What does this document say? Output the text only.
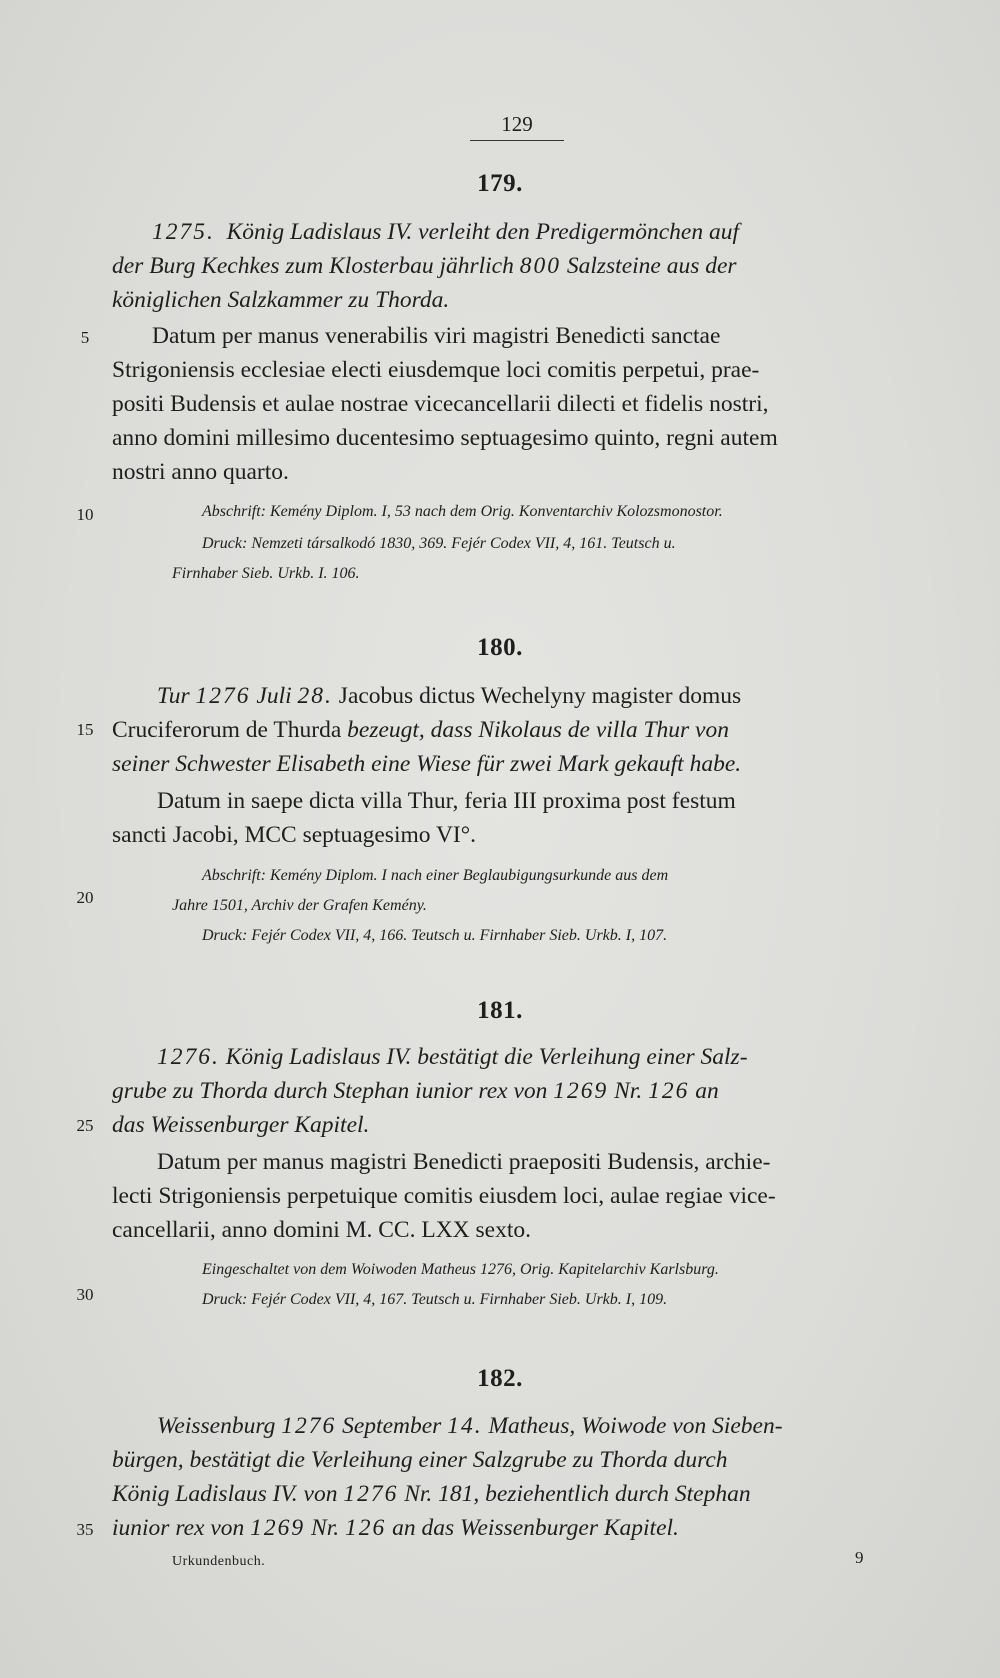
129
5
10
15
20
25
30
35
179.
1275. König Ladislaus IV. verleiht den Predigermönchen auf
der Burg Kechkes zum Klosterbau jährlich 800 Salzsteine aus der
königlichen Salzkammer zu Thorda.
Datum per manus venerabilis viri magistri Benedicti sanctae
Strigoniensis ecclesiae electi eiusdemque loci comitis perpetui, prae-
positi Budensis et aulae nostrae vicecancellarii dilecti et fidelis nostri,
anno domini millesimo ducentesimo septuagesimo quinto, regni autem
nostri anno quarto.
Abschrift: Kemény Diplom. I, 53 nach dem Orig. Konventarchiv Kolozsmonostor.
Druck: Nemzeti társalkodó 1830, 369. Fejér Codex VII, 4, 161. Teutsch u.
Firnhaber Sieb. Urkb. I. 106.
180.
Tur 1276 Juli 28. Jacobus dictus Wechelyny magister domus
Cruciferorum de Thurda bezeugt, dass Nikolaus de villa Thur von
seiner Schwester Elisabeth eine Wiese für zwei Mark gekauft habe.
Datum in saepe dicta villa Thur, feria III proxima post festum
sancti Jacobi, MCC septuagesimo VI°.
Abschrift: Kemény Diplom. I nach einer Beglaubigungsurkunde aus dem
Jahre 1501, Archiv der Grafen Kemény.
Druck: Fejér Codex VII, 4, 166. Teutsch u. Firnhaber Sieb. Urkb. I, 107.
181.
1276. König Ladislaus IV. bestätigt die Verleihung einer Salz-
grube zu Thorda durch Stephan iunior rex von 1269 Nr. 126 an
das Weissenburger Kapitel.
Datum per manus magistri Benedicti praepositi Budensis, archie-
lecti Strigoniensis perpetuique comitis eiusdem loci, aulae regiae vice-
cancellarii, anno domini M. CC. LXX sexto.
Eingeschaltet von dem Woiwoden Matheus 1276, Orig. Kapitelarchiv Karlsburg.
Druck: Fejér Codex VII, 4, 167. Teutsch u. Firnhaber Sieb. Urkb. I, 109.
182.
Weissenburg 1276 September 14. Matheus, Woiwode von Sieben-
bürgen, bestätigt die Verleihung einer Salzgrube zu Thorda durch
König Ladislaus IV. von 1276 Nr. 181, beziehentlich durch Stephan
iunior rex von 1269 Nr. 126 an das Weissenburger Kapitel.
Urkundenbuch.	9
